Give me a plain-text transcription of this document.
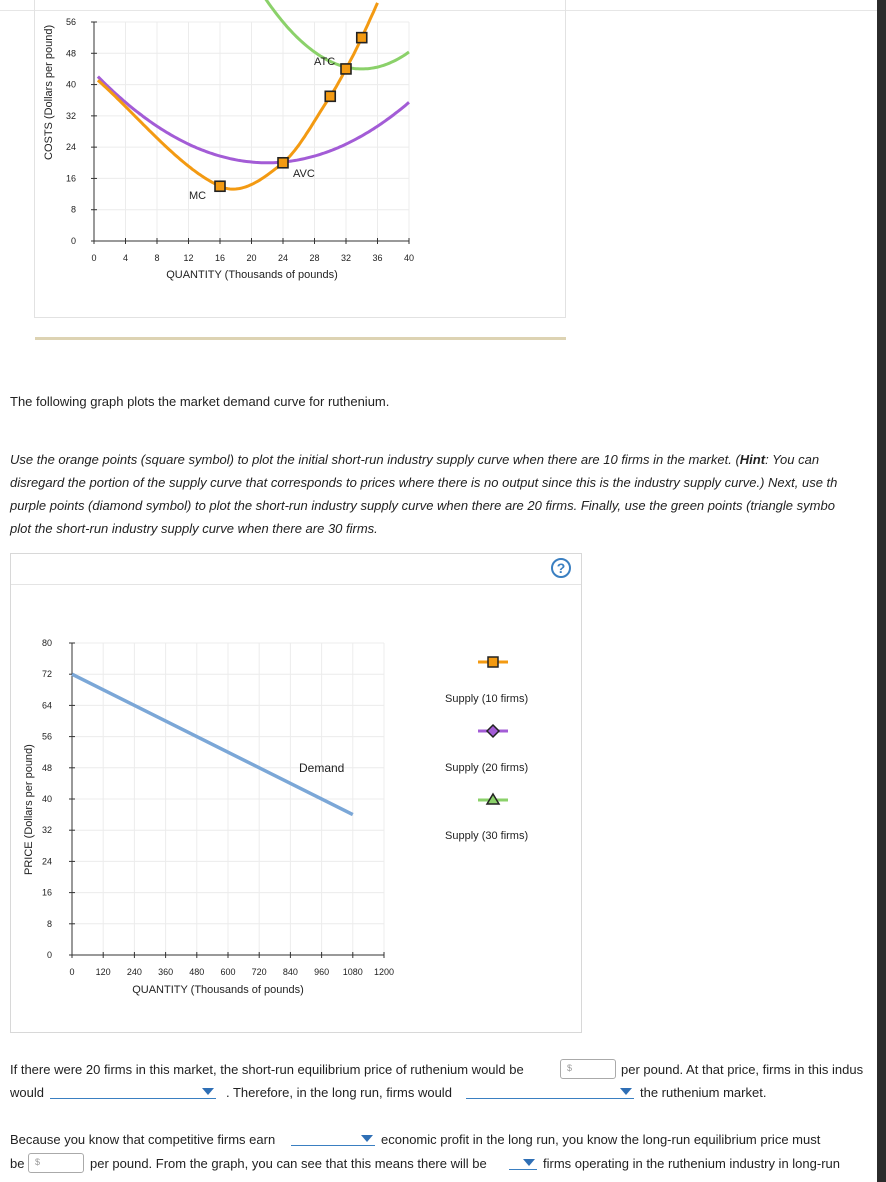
0	4	8	12 16 20 24 28 32 36 40
0
8
16
24
32
40
48
56
ATC
AVC
MC
COSTS (Dollars per pound)
QUANTITY (Thousands of pounds)
The following graph plots the market demand curve for ruthenium.
Use the orange points (square symbol) to plot the initial short-run industry supply curve when there are 10 firms in the market. (Hint: You can
disregard the portion of the supply curve that corresponds to prices where there is no output since this is the industry supply curve.) Next, use th
purple points (diamond symbol) to plot the short-run industry supply curve when there are 20 firms. Finally, use the green points (triangle symbo
plot the short-run industry supply curve when there are 30 firms.
?
0 120 240 360 480 600 720 840 960 1080 1200
0
8
16
24
32
40
48
56
64
72
80
Demand
PRICE (Dollars per pound)
QUANTITY (Thousands of pounds)
Supply (10 firms)
Supply (20 firms)
Supply (30 firms)
If there were 20 firms in this market, the short-run equilibrium price of ruthenium would be	$	per pound. At that price, firms in this indus
would	. Therefore, in the long run, firms would	the ruthenium market.
Because you know that competitive firms earn	economic profit in the long run, you know the long-run equilibrium price must
be	$	per pound. From the graph, you can see that this means there will be	firms operating in the ruthenium industry in long-run
